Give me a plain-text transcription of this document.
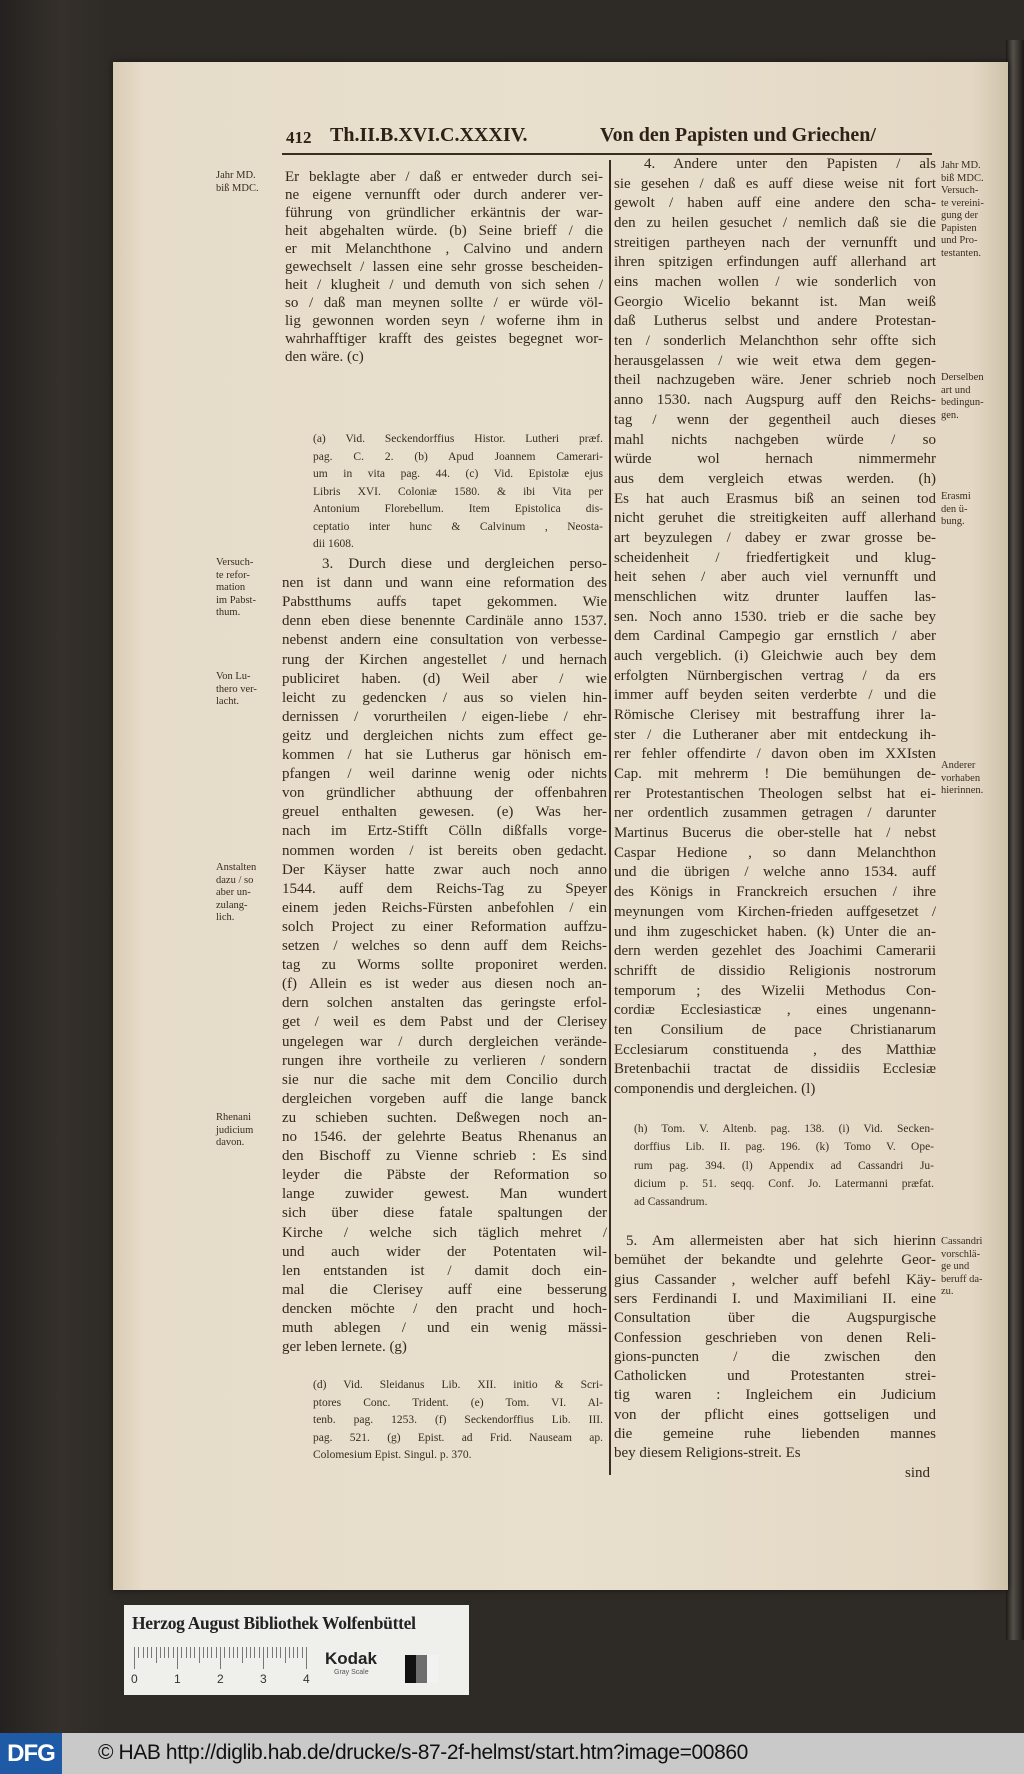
412 Th.II.B.XVI.C.XXXIV.	Von den Papisten und Griechen/
Er beklagte aber / daß er entweder durch sei-
ne eigene vernunfft oder durch anderer ver-
führung von gründlicher erkäntnis der war-
heit abgehalten würde. (b) Seine brieff / die
er mit Melanchthone , Calvino und andern
gewechselt / lassen eine sehr grosse bescheiden-
heit / klugheit / und demuth von sich sehen /
so / daß man meynen sollte / er würde völ-
lig gewonnen worden seyn / woferne ihm in
wahrhafftiger krafft des geistes begegnet wor-
den wäre. (c)
(a) Vid. Seckendorffius Histor. Lutheri præf.
pag. C. 2. (b) Apud Joannem Camerari-
um in vita pag. 44. (c) Vid. Epistolæ ejus
Libris XVI. Coloniæ 1580. & ibi Vita per
Antonium Florebellum. Item Epistolica dis-
ceptatio inter hunc & Calvinum , Neosta-
dii 1608.
3. Durch diese und dergleichen perso-
nen ist dann und wann eine reformation des
Pabstthums auffs tapet gekommen. Wie
denn eben diese benennte Cardinäle anno 1537.
nebenst andern eine consultation von verbesse-
rung der Kirchen angestellet / und hernach
publiciret haben. (d) Weil aber / wie
leicht zu gedencken / aus so vielen hin-
dernissen / vorurtheilen / eigen-liebe / ehr-
geitz und dergleichen nichts zum effect ge-
kommen / hat sie Lutherus gar hönisch em-
pfangen / weil darinne wenig oder nichts
von gründlicher abthuung der offenbahren
greuel enthalten gewesen. (e) Was her-
nach im Ertz-Stifft Cölln dißfalls vorge-
nommen worden / ist bereits oben gedacht.
Der Käyser hatte zwar auch noch anno
1544. auff dem Reichs-Tag zu Speyer
einem jeden Reichs-Fürsten anbefohlen / ein
solch Project zu einer Reformation auffzu-
setzen / welches so denn auff dem Reichs-
tag zu Worms sollte proponiret werden.
(f) Allein es ist weder aus diesen noch an-
dern solchen anstalten das geringste erfol-
get / weil es dem Pabst und der Clerisey
ungelegen war / durch dergleichen verände-
rungen ihre vortheile zu verlieren / sondern
sie nur die sache mit dem Concilio durch
dergleichen vorgeben auff die lange banck
zu schieben suchten. Deßwegen noch an-
no 1546. der gelehrte Beatus Rhenanus an
den Bischoff zu Vienne schrieb : Es sind
leyder die Päbste der Reformation so
lange zuwider gewest. Man wundert
sich über diese fatale spaltungen der
Kirche / welche sich täglich mehret /
und auch wider der Potentaten wil-
len entstanden ist / damit doch ein-
mal die Clerisey auff eine besserung
dencken möchte / den pracht und hoch-
muth ablegen / und ein wenig mässi-
ger leben lernete. (g)
(d) Vid. Sleidanus Lib. XII. initio & Scri-
ptores Conc. Trident. (e) Tom. VI. Al-
tenb. pag. 1253. (f) Seckendorffius Lib. III.
pag. 521. (g) Epist. ad Frid. Nauseam ap.
Colomesium Epist. Singul. p. 370.
Jahr MD.
biß MDC.
Versuch-
te refor-
mation
im Pabst-
thum.
Von Lu-
thero ver-
lacht.
Anstalten
dazu / so
aber un-
zulang-
lich.
Rhenani
judicium
davon.
4. Andere unter den Papisten / als
sie gesehen / daß es auff diese weise nit fort
gewolt / haben auff eine andere den scha-
den zu heilen gesuchet / nemlich daß sie die
streitigen partheyen nach der vernunfft und
ihren spitzigen erfindungen auff allerhand art
eins machen wollen / wie sonderlich von
Georgio Wicelio bekannt ist. Man weiß
daß Lutherus selbst und andere Protestan-
ten / sonderlich Melanchthon sehr offte sich
herausgelassen / wie weit etwa dem gegen-
theil nachzugeben wäre. Jener schrieb noch
anno 1530. nach Augspurg auff den Reichs-
tag / wenn der gegentheil auch dieses
mahl nichts nachgeben würde / so
würde wol hernach nimmermehr
aus dem vergleich etwas werden. (h)
Es hat auch Erasmus biß an seinen tod
nicht geruhet die streitigkeiten auff allerhand
art beyzulegen / dabey er zwar grosse be-
scheidenheit / friedfertigkeit und klug-
heit sehen / aber auch viel vernunfft und
menschlichen witz drunter lauffen las-
sen. Noch anno 1530. trieb er die sache bey
dem Cardinal Campegio gar ernstlich / aber
auch vergeblich. (i) Gleichwie auch bey dem
erfolgten Nürnbergischen vertrag / da ers
immer auff beyden seiten verderbte / und die
Römische Clerisey mit bestraffung ihrer la-
ster / die Lutheraner aber mit entdeckung ih-
rer fehler offendirte / davon oben im XXIsten
Cap. mit mehrerm ! Die bemühungen de-
rer Protestantischen Theologen selbst hat ei-
ner ordentlich zusammen getragen / darunter
Martinus Bucerus die ober-stelle hat / nebst
Caspar Hedione , so dann Melanchthon
und die übrigen / welche anno 1534. auff
des Königs in Franckreich ersuchen / ihre
meynungen vom Kirchen-frieden auffgesetzet /
und ihm zugeschicket haben. (k) Unter die an-
dern werden gezehlet des Joachimi Camerarii
schrifft de dissidio Religionis nostrorum
temporum ; des Wizelii Methodus Con-
cordiæ Ecclesiasticæ , eines ungenann-
ten Consilium de pace Christianarum
Ecclesiarum constituenda , des Matthiæ
Bretenbachii tractat de dissidiis Ecclesiæ
componendis und dergleichen. (l)
(h) Tom. V. Altenb. pag. 138. (i) Vid. Secken-
dorffius Lib. II. pag. 196. (k) Tomo V. Ope-
rum pag. 394. (l) Appendix ad Cassandri Ju-
dicium p. 51. seqq. Conf. Jo. Latermanni præfat.
ad Cassandrum.
5. Am allermeisten aber hat sich hierinn
bemühet der bekandte und gelehrte Geor-
gius Cassander , welcher auff befehl Käy-
sers Ferdinandi I. und Maximiliani II. eine
Consultation über die Augspurgische
Confession geschrieben von denen Reli-
gions-puncten / die zwischen den
Catholicken und Protestanten strei-
tig waren : Ingleichem ein Judicium
von der pflicht eines gottseligen und
die gemeine ruhe liebenden mannes
bey diesem Religions-streit. Es
Jahr MD.
biß MDC.
Versuch-
te vereini-
gung der
Papisten
und Pro-
testanten.
Derselben
art und
bedingun-
gen.
Erasmi
den ü-
bung.
Anderer
vorhaben
hierinnen.
Cassandri
vorschlä-
ge und
beruff da-
zu.
sind
Herzog August Bibliothek Wolfenbüttel
0	1	2	3	4
Kodak
Gray Scale
DFG	© HAB http://diglib.hab.de/drucke/s-87-2f-helmst/start.htm?image=00860
